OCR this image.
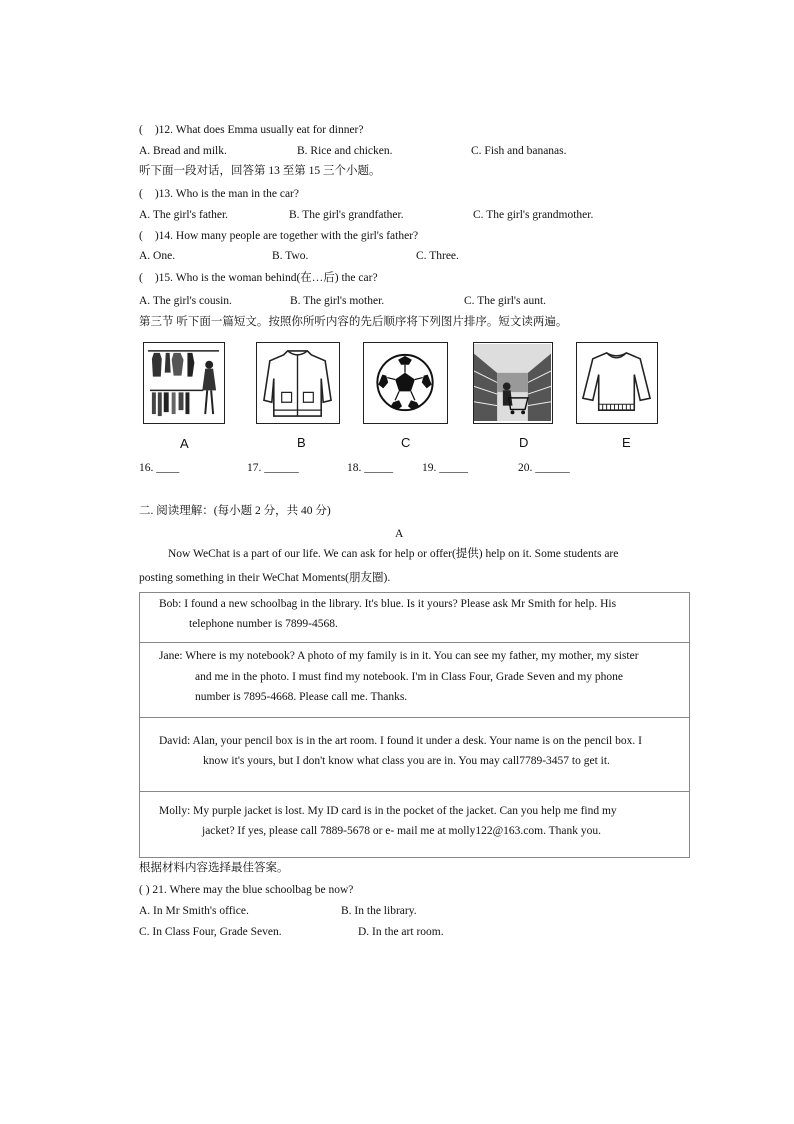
( )12. What does Emma usually eat for dinner?
A. Bread and milk.	B. Rice and chicken.	C. Fish and bananas.
听下面一段对话，回答第 13 至第 15 三个小题。
( )13. Who is the man in the car?
A. The girl's father.	B. The girl's grandfather.	C. The girl's grandmother.
( )14. How many people are together with the girl's father?
A. One.	B. Two.	C. Three.
( )15. Who is the woman behind(在…后) the car?
A. The girl's cousin.	B. The girl's mother.	C. The girl's aunt.
第三节 听下面一篇短文。按照你所听内容的先后顺序将下列图片排序。短文读两遍。
A	B	C	D	E
16. ____	17. ______	18. _____	19. _____	20. ______
二. 阅读理解：(每小题 2 分，共 40 分)
A
Now WeChat is a part of our life. We can ask for help or offer(提供) help on it. Some students are
posting something in their WeChat Moments(朋友圈).
Bob: I found a new schoolbag in the library. It's blue. Is it yours? Please ask Mr Smith for help. His
telephone number is 7899-4568.
Jane: Where is my notebook? A photo of my family is in it. You can see my father, my mother, my sister
and me in the photo. I must find my notebook. I'm in Class Four, Grade Seven and my phone
number is 7895-4668. Please call me. Thanks.
David: Alan, your pencil box is in the art room. I found it under a desk. Your name is on the pencil box. I
know it's yours, but I don't know what class you are in. You may call7789-3457 to get it.
Molly: My purple jacket is lost. My ID card is in the pocket of the jacket. Can you help me find my
jacket? If yes, please call 7889-5678 or e- mail me at molly122@163.com. Thank you.
根据材料内容选择最佳答案。
( ) 21. Where may the blue schoolbag be now?
A. In Mr Smith's office.	B. In the library.
C. In Class Four, Grade Seven.	D. In the art room.
